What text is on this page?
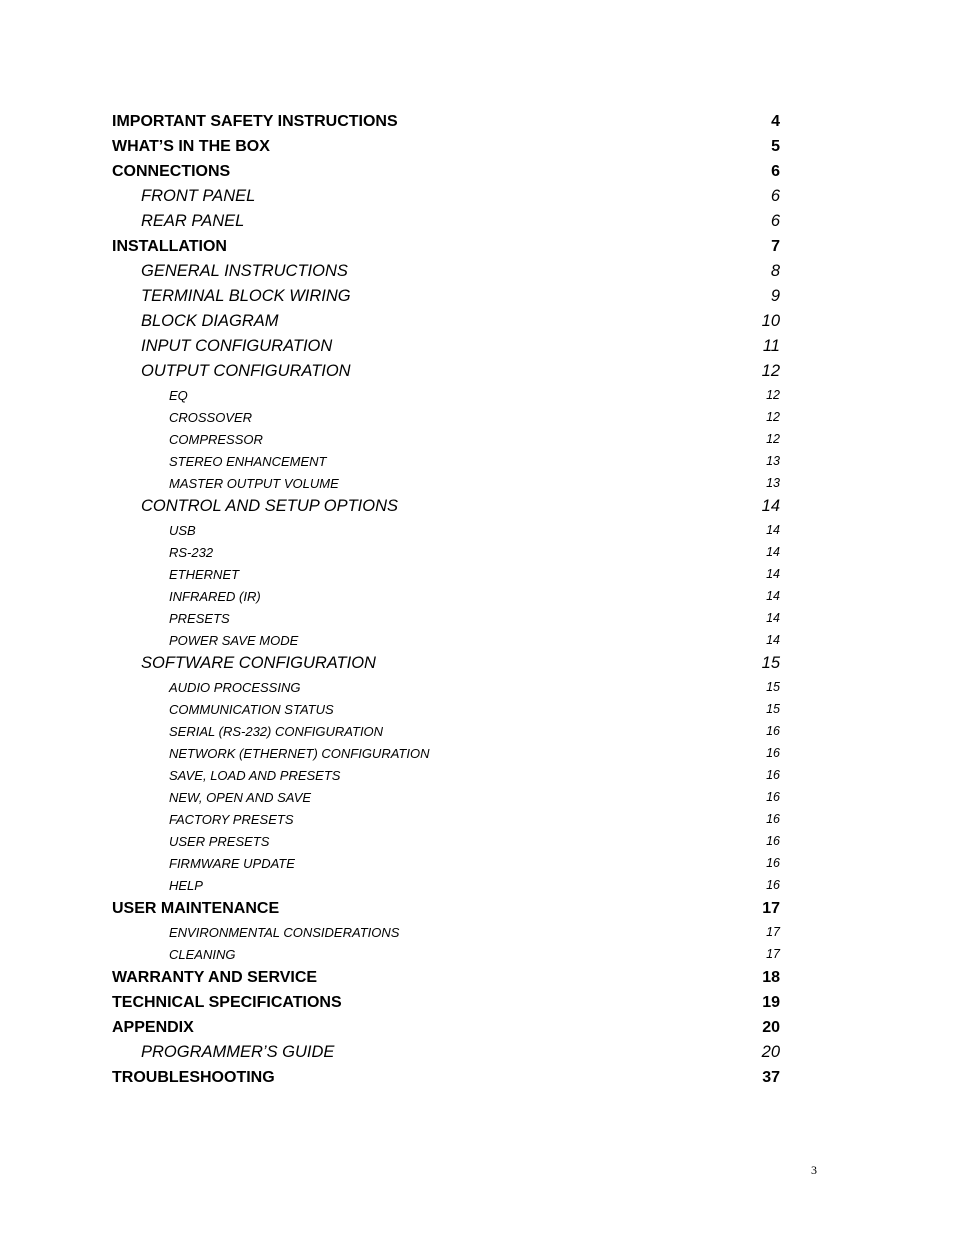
IMPORTANT SAFETY INSTRUCTIONS	4
WHAT’S IN THE BOX	5
CONNECTIONS	6
FRONT PANEL	6
REAR PANEL	6
INSTALLATION	7
GENERAL INSTRUCTIONS	8
TERMINAL BLOCK WIRING	9
BLOCK DIAGRAM	10
INPUT CONFIGURATION	11
OUTPUT CONFIGURATION	12
EQ	12
CROSSOVER	12
COMPRESSOR	12
STEREO ENHANCEMENT	13
MASTER OUTPUT VOLUME	13
CONTROL AND SETUP OPTIONS	14
USB	14
RS-232	14
ETHERNET	14
INFRARED (IR)	14
PRESETS	14
POWER SAVE MODE	14
SOFTWARE CONFIGURATION	15
AUDIO PROCESSING	15
COMMUNICATION STATUS	15
SERIAL (RS-232) CONFIGURATION	16
NETWORK (ETHERNET) CONFIGURATION	16
SAVE, LOAD AND PRESETS	16
NEW, OPEN AND SAVE	16
FACTORY PRESETS	16
USER PRESETS	16
FIRMWARE UPDATE	16
HELP	16
USER MAINTENANCE	17
ENVIRONMENTAL CONSIDERATIONS	17
CLEANING	17
WARRANTY AND SERVICE	18
TECHNICAL SPECIFICATIONS	19
APPENDIX	20
PROGRAMMER’S GUIDE	20
TROUBLESHOOTING	37
3
